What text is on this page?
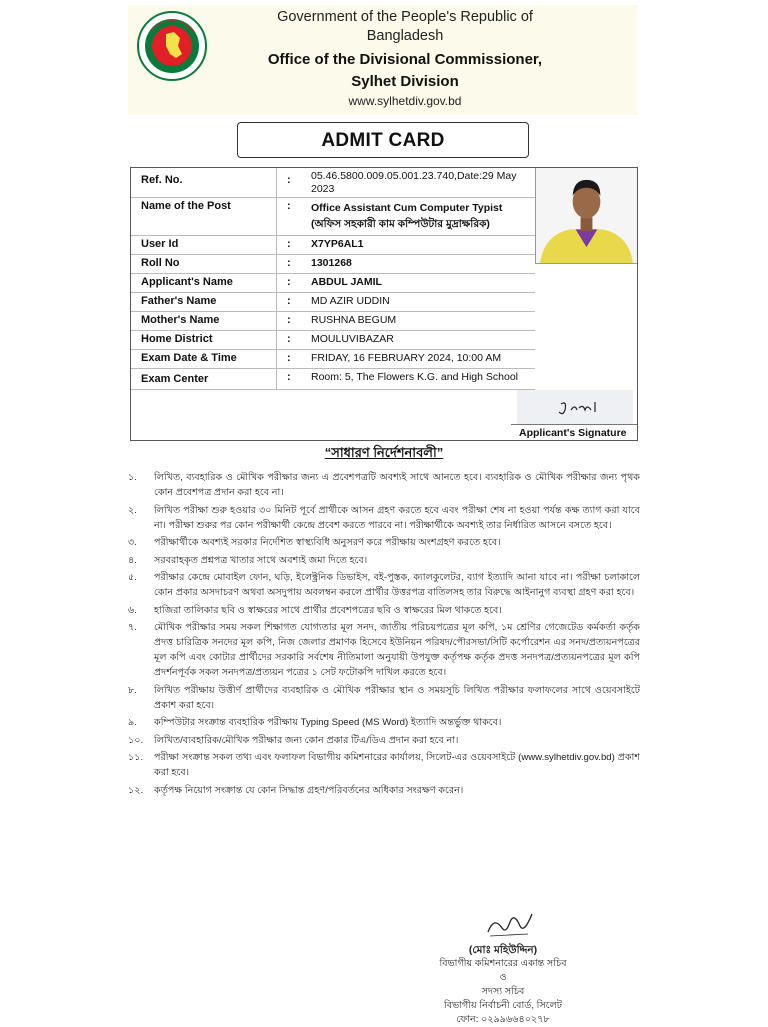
Government of the People's Republic of
Bangladesh
Office of the Divisional Commissioner,
Sylhet Division
www.sylhetdiv.gov.bd
ADMIT CARD
Ref. No.	: 05.46.5800.009.05.001.23.740,Date:29 May 2023
Name of the Post	: Office Assistant Cum Computer Typist (অফিস সহকারী কাম কম্পিউটার মুদ্রাক্ষরিক)
User Id	: X7YP6AL1
Roll No	: 1301268
Applicant's Name	: ABDUL JAMIL
Father's Name	: MD AZIR UDDIN
Mother's Name	: RUSHNA BEGUM
Home District	: MOULUVIBAZAR
Exam Date & Time	: FRIDAY, 16 FEBRUARY 2024, 10:00 AM
Exam Center	: Room: 5, The Flowers K.G. and High School
Applicant's Signature
“সাধারণ নির্দেশনাবলী”
১. লিখিত, ব্যবহারিক ও মৌখিক পরীক্ষার জন্য এ প্রবেশপত্রটি অবশ্যই সাথে আনতে হবে। ব্যবহারিক ও মৌখিক পরীক্ষার জন্য পৃথক কোন প্রবেশপত্র প্রদান করা হবে না।
২. লিখিত পরীক্ষা শুরু হওয়ার ৩০ মিনিট পূর্বে প্রার্থীকে আসন গ্রহণ করতে হবে এবং পরীক্ষা শেষ না হওয়া পর্যন্ত কক্ষ ত্যাগ করা যাবে না। পরীক্ষা শুরুর পর কোন পরীক্ষার্থী কেন্দ্রে প্রবেশ করতে পারবে না। পরীক্ষার্থীকে অবশ্যই তার নির্ধারিত আসনে বসতে হবে।
৩. পরীক্ষার্থীকে অবশ্যই সরকার নির্দেশিত স্বাস্থ্যবিধি অনুসরণ করে পরীক্ষায় অংশগ্রহণ করতে হবে।
৪. সরবরাহকৃত প্রশ্নপত্র খাতার সাথে অবশ্যই জমা দিতে হবে।
৫. পরীক্ষার কেন্দ্রে মোবাইল ফোন, ঘড়ি, ইলেক্ট্রনিক ডিভাইস, বই-পুস্তক, ক্যালকুলেটর, ব্যাগ ইত্যাদি আনা যাবে না। পরীক্ষা চলাকালে কোন প্রকার অসদাচরণ অথবা অসদুপায় অবলম্বন করলে প্রার্থীর উত্তরপত্র বাতিলসহ তার বিরুদ্ধে আইনানুগ ব্যবস্থা গ্রহণ করা হবে।
৬. হাজিরা তালিকার ছবি ও স্বাক্ষরের সাথে প্রার্থীর প্রবেশপত্রের ছবি ও স্বাক্ষরের মিল থাকতে হবে।
৭. মৌখিক পরীক্ষার সময় সকল শিক্ষাগত যোগ্যতার মূল সনদ, জাতীয় পরিচয়পত্রের মূল কপি, ১ম শ্রেণির গেজেটেড কর্মকর্তা কর্তৃক প্রদত্ত চারিত্রিক সনদের মূল কপি, নিজ জেলার প্রমাণক হিসেবে ইউনিয়ন পরিষদ/পৌরসভা/সিটি কর্পোরেশন এর সনদ/প্রত্যয়নপত্রের মূল কপি এবং কোটার প্রার্থীদের সরকারি সর্বশেষ নীতিমালা অনুযায়ী উপযুক্ত কর্তৃপক্ষ কর্তৃক প্রদত্ত সনদপত্র/প্রত্যয়নপত্রের মূল কপি প্রদর্শনপূর্বক সকল সনদপত্র/প্রত্যয়ন পত্রের ১ সেট ফটোকপি দাখিল করতে হবে।
৮. লিখিত পরীক্ষায় উত্তীর্ণ প্রার্থীদের ব্যবহারিক ও মৌখিক পরীক্ষার স্থান ও সময়সূচি লিখিত পরীক্ষার ফলাফলের সাথে ওয়েবসাইটে প্রকাশ করা হবে।
৯. কম্পিউটার সংক্রান্ত ব্যবহারিক পরীক্ষায় Typing Speed (MS Word) ইত্যাদি অন্তর্ভুক্ত থাকবে।
১০. লিখিত/ব্যবহারিক/মৌখিক পরীক্ষার জন্য কোন প্রকার টিএ/ডিএ প্রদান করা হবে না।
১১. পরীক্ষা সংক্রান্ত সকল তথ্য এবং ফলাফল বিভাগীয় কমিশনারের কার্যালয়, সিলেট-এর ওয়েবসাইটে (www.sylhetdiv.gov.bd) প্রকাশ করা হবে।
১২. কর্তৃপক্ষ নিয়োগ সংক্রান্ত যে কোন সিদ্ধান্ত গ্রহণ/পরিবর্তনের অধিকার সংরক্ষণ করেন।
(মোঃ মহিউদ্দিন)
বিভাগীয় কমিশনারের একান্ত সচিব
ও
সদস্য সচিব
বিভাগীয় নির্বাচনী বোর্ড, সিলেট
ফোন: ০২৯৯৬৬৪০২৭৮
